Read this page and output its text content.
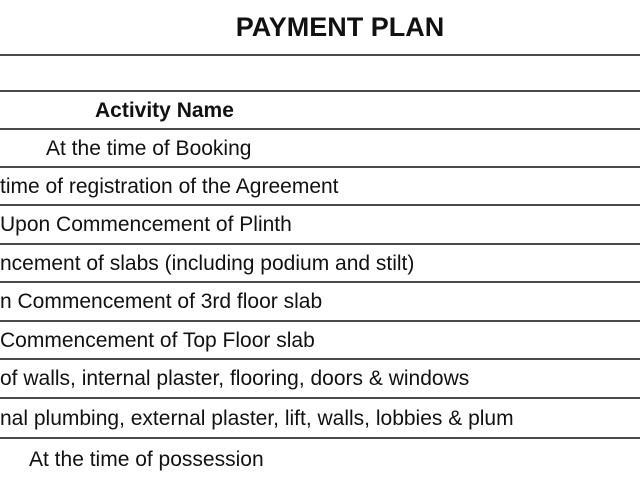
PAYMENT PLAN
Activity Name
At the time of Booking
time of registration of the Agreement
Upon Commencement of Plinth
ncement of slabs (including podium and stilt)
n Commencement of 3rd floor slab
Commencement of Top Floor slab
of walls, internal plaster, flooring, doors & windows
nal plumbing, external plaster, lift, walls, lobbies & plum
At the time of possession
